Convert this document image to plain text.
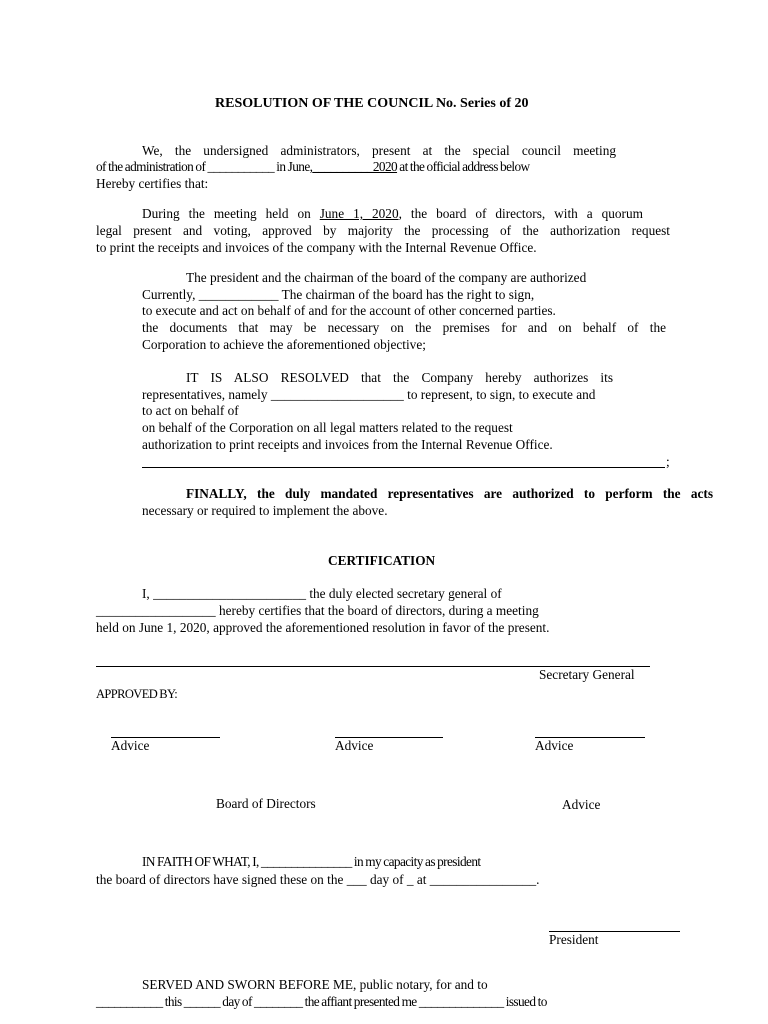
RESOLUTION OF THE COUNCIL No. Series of 20
We, the undersigned administrators, present at the special council meeting
of the administration of ___________ in June,__________2020 at the official address below
Hereby certifies that:
During the meeting held on June 1, 2020, the board of directors, with a quorum
legal present and voting, approved by majority the processing of the authorization request
to print the receipts and invoices of the company with the Internal Revenue Office.
The president and the chairman of the board of the company are authorized
Currently, ____________ The chairman of the board has the right to sign,
to execute and act on behalf of and for the account of other concerned parties.
the documents that may be necessary on the premises for and on behalf of the
Corporation to achieve the aforementioned objective;
IT IS ALSO RESOLVED that the Company hereby authorizes its
representatives, namely ____________________ to represent, to sign, to execute and
to act on behalf of
on behalf of the Corporation on all legal matters related to the request
authorization to print receipts and invoices from the Internal Revenue Office.
;
FINALLY, the duly mandated representatives are authorized to perform the acts
necessary or required to implement the above.
CERTIFICATION
I, _______________________ the duly elected secretary general of
__________________ hereby certifies that the board of directors, during a meeting
held on June 1, 2020, approved the aforementioned resolution in favor of the present.
Secretary General
APPROVED BY:
Advice	Advice	Advice
Board of Directors	Advice
IN FAITH OF WHAT, I, _______________ in my capacity as president
the board of directors have signed these on the ___ day of _ at ________________.
President
SERVED AND SWORN BEFORE ME, public notary, for and to
___________ this ______ day of ________ the affiant presented me ______________ issued to
